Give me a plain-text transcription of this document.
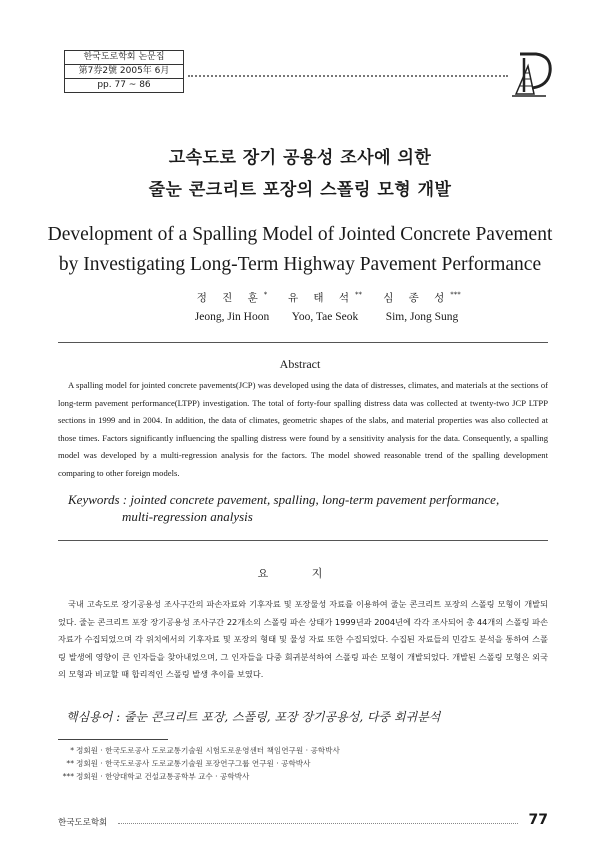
한국도로학회 논문집
第7券2號 2005年 6月
pp. 77 ~ 86
고속도로 장기 공용성 조사에 의한
줄눈 콘크리트 포장의 스폴링 모형 개발
Development of a Spalling Model of Jointed Concrete Pavement
by Investigating Long-Term Highway Pavement Performance
정 진 훈*
Jeong, Jin Hoon
유 태 석**
Yoo, Tae Seok
심 종 성***
Sim, Jong Sung
Abstract

A spalling model for jointed concrete pavements(JCP) was developed using the data of distresses, climates, and materials at the sections of long-term pavement performance(LTPP) investigation. The total of forty-four spalling distress data was collected at twenty-two JCP LTPP sections in 1999 and in 2004. In addition, the data of climates, geometric shapes of the slabs, and material properties was also collected at those times. Factors significantly influencing the spalling distress were found by a sensitivity analysis for the data. Consequently, a spalling model was developed by a multi-regression analysis for the factors. The model showed reasonable trend of the spalling development comparing to other foreign models.

Keywords : jointed concrete pavement, spalling, long-term pavement performance,
multi-regression analysis
요 지

국내 고속도로 장기공용성 조사구간의 파손자료와 기후자료 및 포장물성 자료를 이용하여 줄눈 콘크리트 포장의 스폴링 모형이 개발되었다. 줄눈 콘크리트 포장 장기공용성 조사구간 22개소의 스폴링 파손 상태가 1999년과 2004년에 각각 조사되어 총 44개의 스폴링 파손 자료가 수집되었으며 각 위치에서의 기후자료 및 포장의 형태 및 물성 자료 또한 수집되었다. 수집된 자료들의 민감도 분석을 통하여 스폴링 발생에 영향이 큰 인자들을 찾아내었으며, 그 인자들을 다중 회귀분석하여 스폴링 파손 모형이 개발되었다. 개발된 스폴링 모형은 외국의 모형과 비교할 때 합리적인 스폴링 발생 추이를 보였다.

핵심용어 : 줄눈 콘크리트 포장, 스폴링, 포장 장기공용성, 다중 회귀분석
* 정회원 · 한국도로공사 도로교통기술원 시험도로운영센터 책임연구원 · 공학박사
** 정회원 · 한국도로공사 도로교통기술원 포장연구그룹 연구원 · 공학박사
*** 정회원 · 한양대학교 건설교통공학부 교수 · 공학박사
한국도로학회	77
